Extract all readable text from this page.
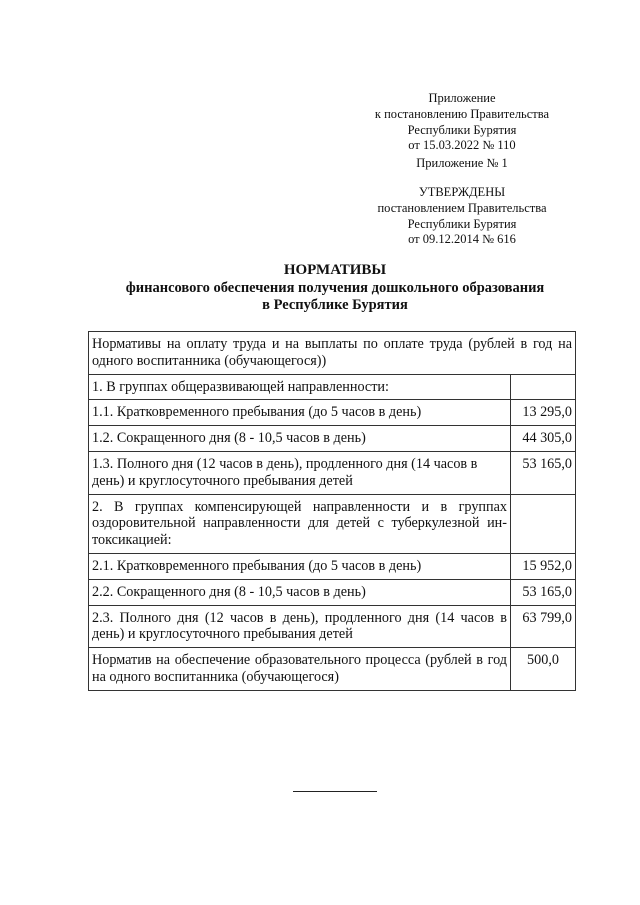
Приложение
к постановлению Правительства
Республики Бурятия
от 15.03.2022 № 110
Приложение № 1
УТВЕРЖДЕНЫ
постановлением Правительства
Республики Бурятия
от 09.12.2014 № 616
НОРМАТИВЫ
финансового обеспечения получения дошкольного образования
в Республике Бурятия
Нормативы на оплату труда и на выплаты по оплате труда (рублей в год на одного воспитанника (обучающегося))	
1. В группах общеразвивающей направленности:	
1.1. Кратковременного пребывания (до 5 часов в день)	13 295,0
1.2. Сокращенного дня (8 - 10,5 часов в день)	44 305,0
1.3. Полного дня (12 часов в день), продленного дня (14 часов в день) и круглосуточного пребывания детей	53 165,0
2. В группах компенсирующей направленности и в группах оздоровительной направленности для детей с туберкулезной ин-токсикацией:	
2.1. Кратковременного пребывания (до 5 часов в день)	15 952,0
2.2. Сокращенного дня (8 - 10,5 часов в день)	53 165,0
2.3. Полного дня (12 часов в день), продленного дня (14 часов в день) и круглосуточного пребывания детей	63 799,0
Норматив на обеспечение образовательного процесса (рублей в год на одного воспитанника (обучающегося)	500,0
